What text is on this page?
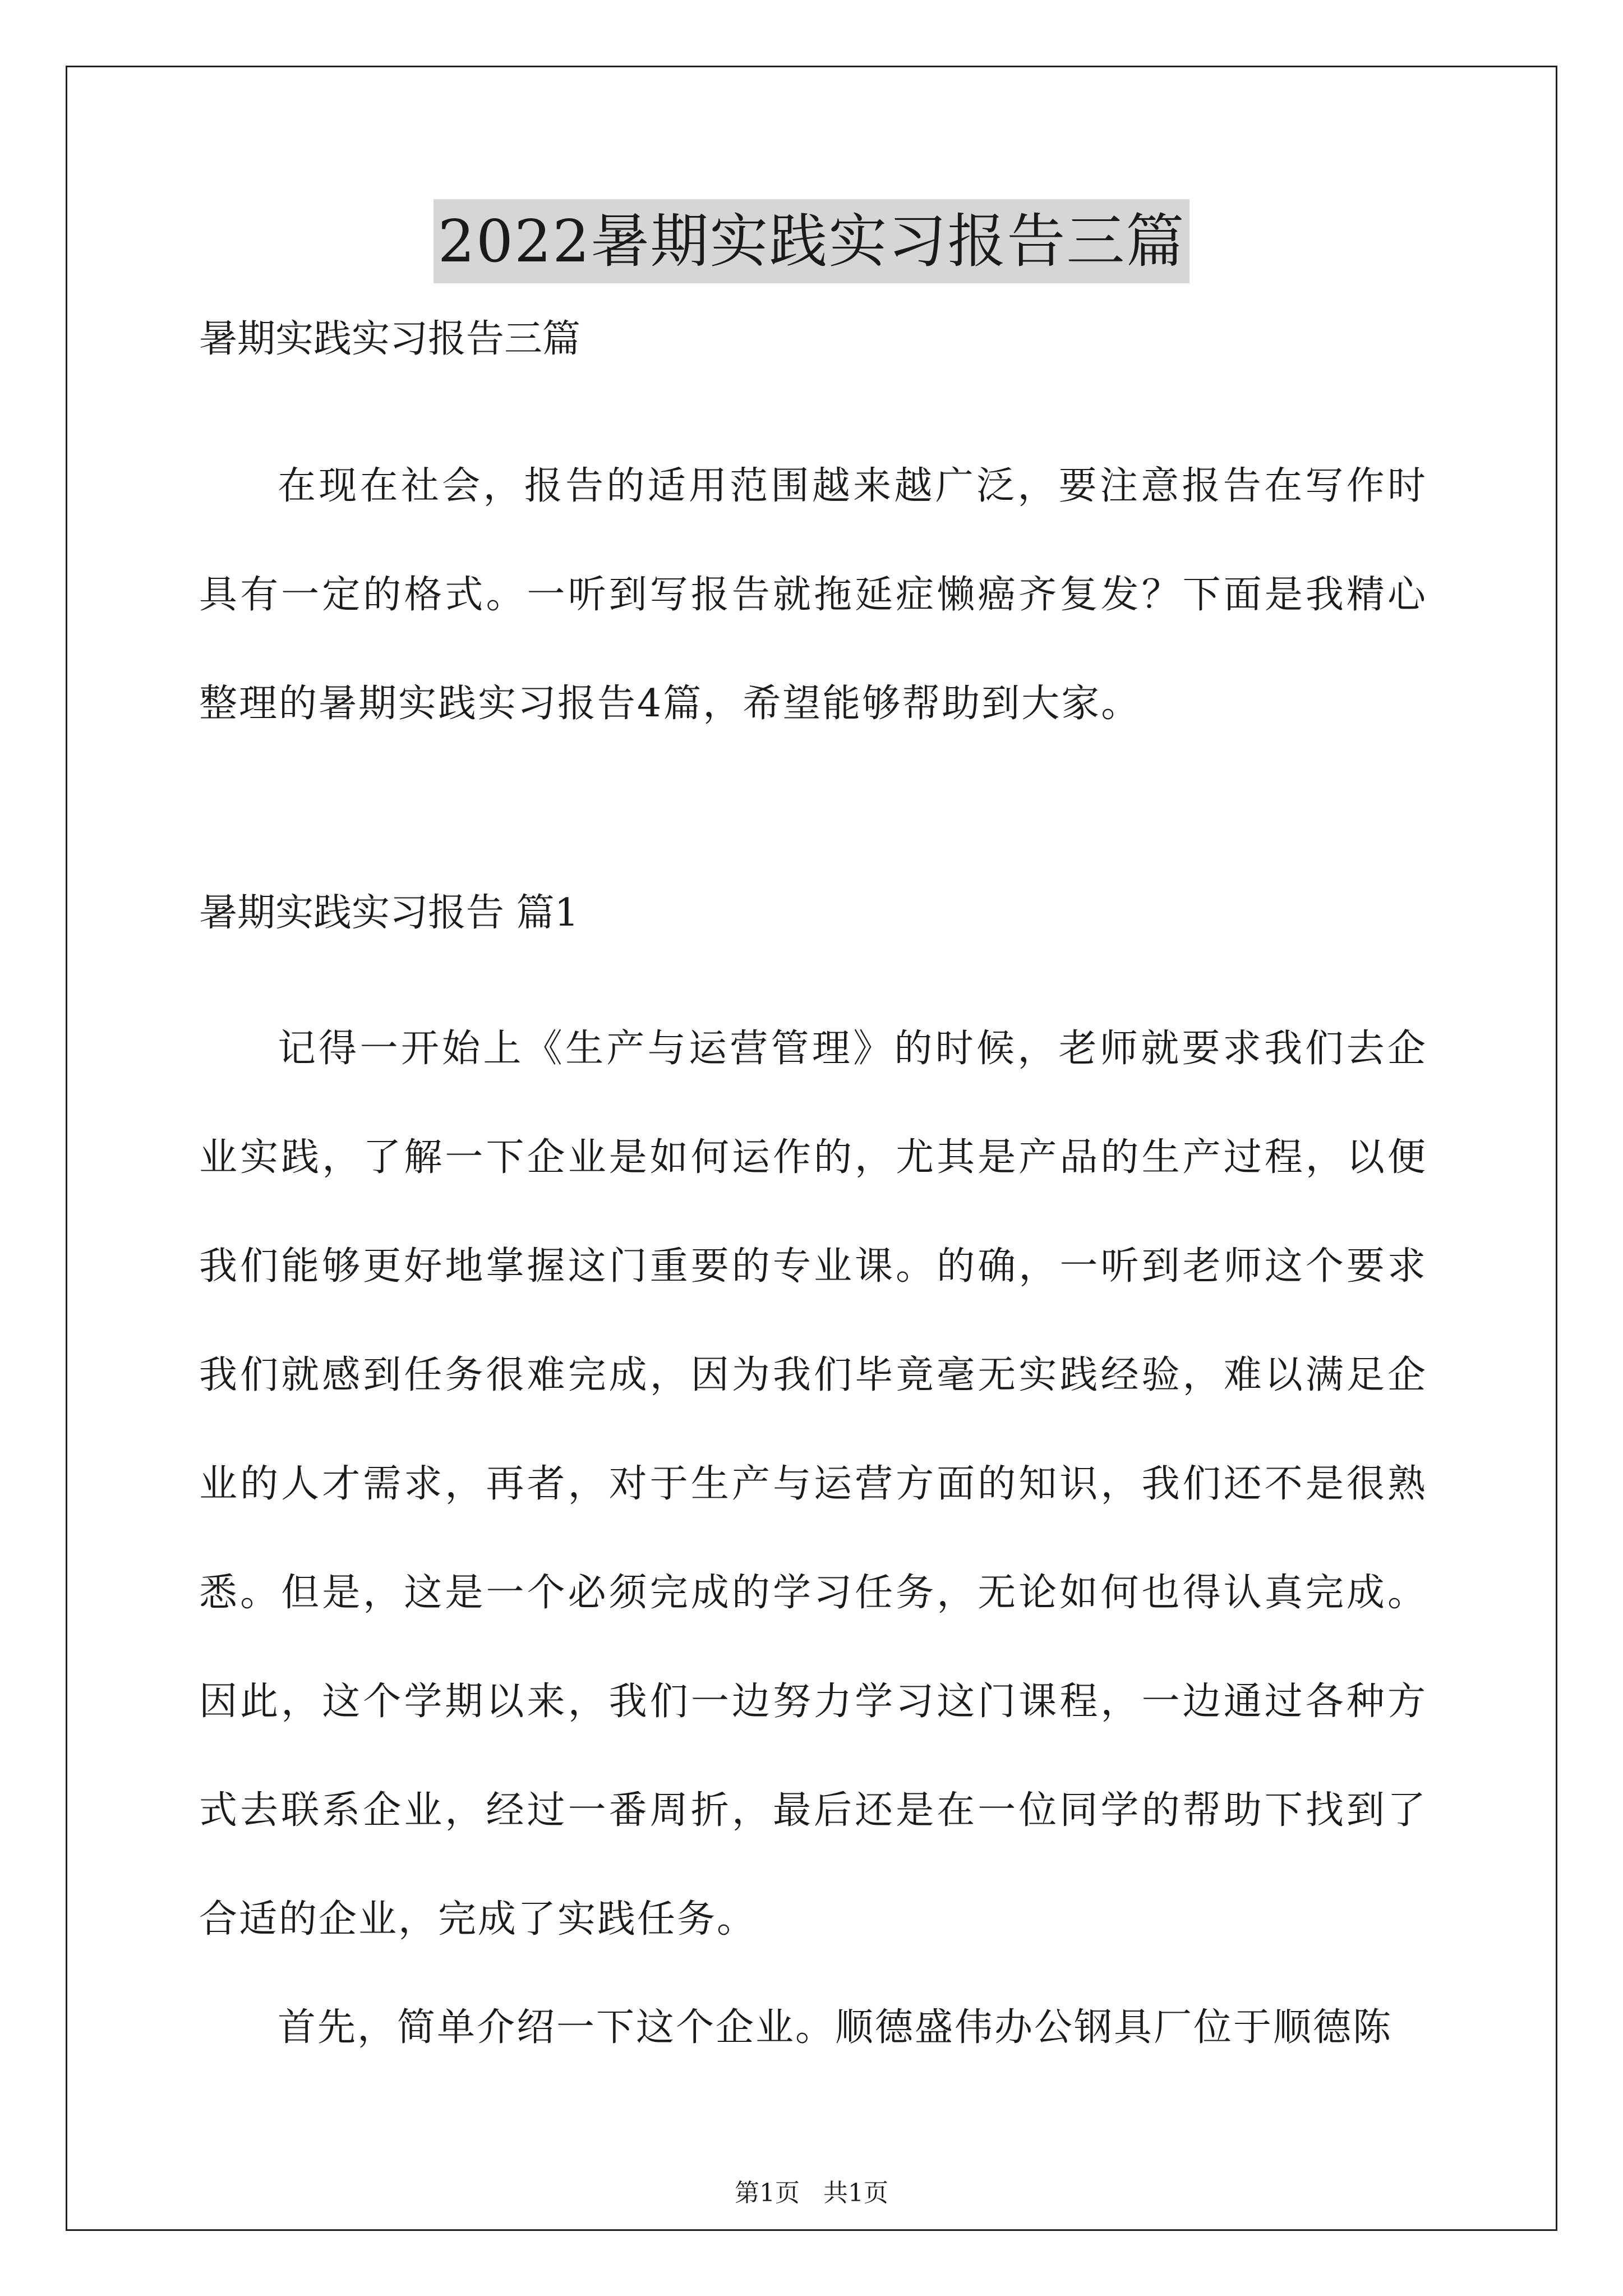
2022暑期实践实习报告三篇
暑期实践实习报告三篇
在现在社会，报告的适用范围越来越广泛，要注意报告在写作时具有一定的格式。一听到写报告就拖延症懒癌齐复发？下面是我精心整理的暑期实践实习报告4篇，希望能够帮助到大家。
暑期实践实习报告 篇1
记得一开始上《生产与运营管理》的时候，老师就要求我们去企业实践，了解一下企业是如何运作的，尤其是产品的生产过程，以便我们能够更好地掌握这门重要的专业课。的确，一听到老师这个要求我们就感到任务很难完成，因为我们毕竟毫无实践经验，难以满足企业的人才需求，再者，对于生产与运营方面的知识，我们还不是很熟悉。但是，这是一个必须完成的学习任务，无论如何也得认真完成。因此，这个学期以来，我们一边努力学习这门课程，一边通过各种方式去联系企业，经过一番周折，最后还是在一位同学的帮助下找到了合适的企业，完成了实践任务。
首先，简单介绍一下这个企业。顺德盛伟办公钢具厂位于顺德陈
第1页 共1页
